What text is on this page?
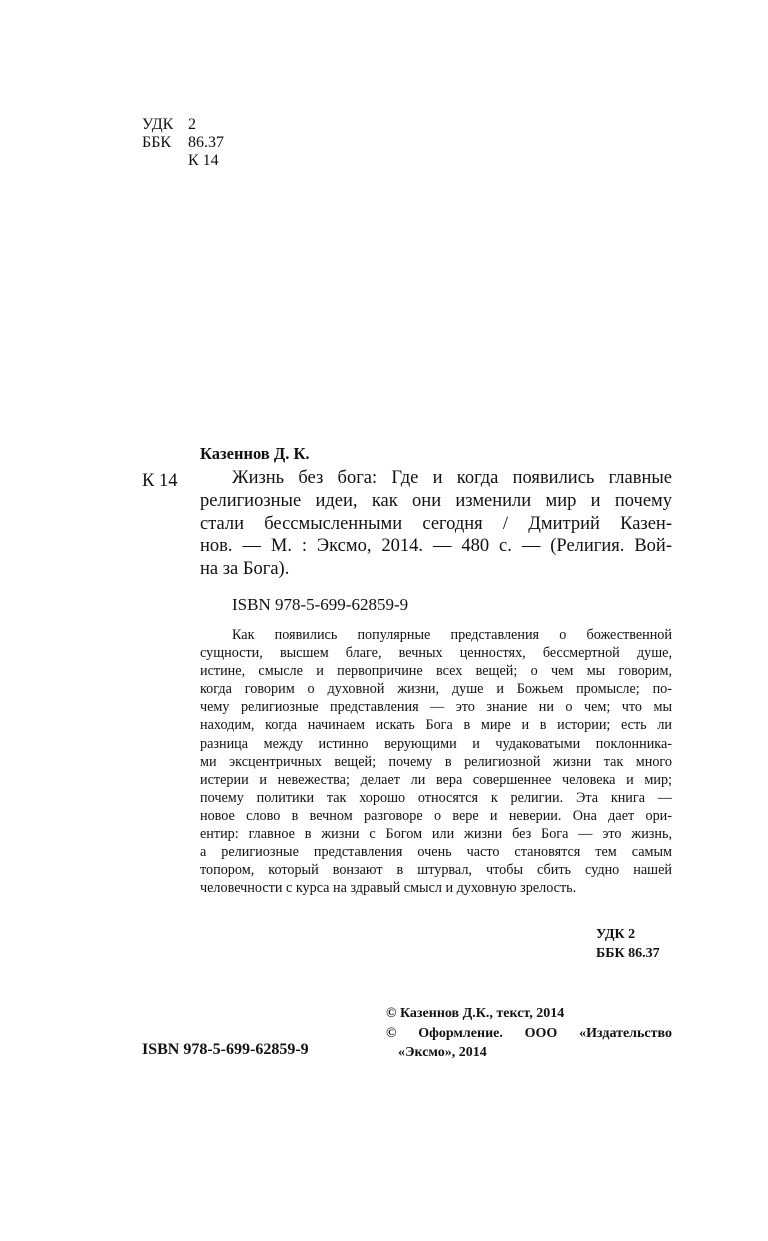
УДК 2
ББК	86.37
К 14
Казеннов Д. К.
К 14	Жизнь без бога: Где и когда появились главные
религиозные идеи, как они изменили мир и почему
стали бессмысленными сегодня / Дмитрий Казен-
нов. — М. : Эксмо, 2014. — 480 с. — (Религия. Вой-
на за Бога).
ISBN 978-5-699-62859-9
Как появились популярные представления о божественной
сущности, высшем благе, вечных ценностях, бессмертной душе,
истине, смысле и первопричине всех вещей; о чем мы говорим,
когда говорим о духовной жизни, душе и Божьем промысле; по-
чему религиозные представления — это знание ни о чем; что мы
находим, когда начинаем искать Бога в мире и в истории; есть ли
разница между истинно верующими и чудаковатыми поклонника-
ми эксцентричных вещей; почему в религиозной жизни так много
истерии и невежества; делает ли вера совершеннее человека и мир;
почему политики так хорошо относятся к религии. Эта книга —
новое слово в вечном разговоре о вере и неверии. Она дает ори-
ентир: главное в жизни с Богом или жизни без Бога — это жизнь,
а религиозные представления очень часто становятся тем самым
топором, который вонзают в штурвал, чтобы сбить судно нашей
человечности с курса на здравый смысл и духовную зрелость.
УДК 2
ББК 86.37
© Казеннов Д.К., текст, 2014
© Оформление. ООО «Издательство
«Эксмо», 2014
ISBN 978-5-699-62859-9
